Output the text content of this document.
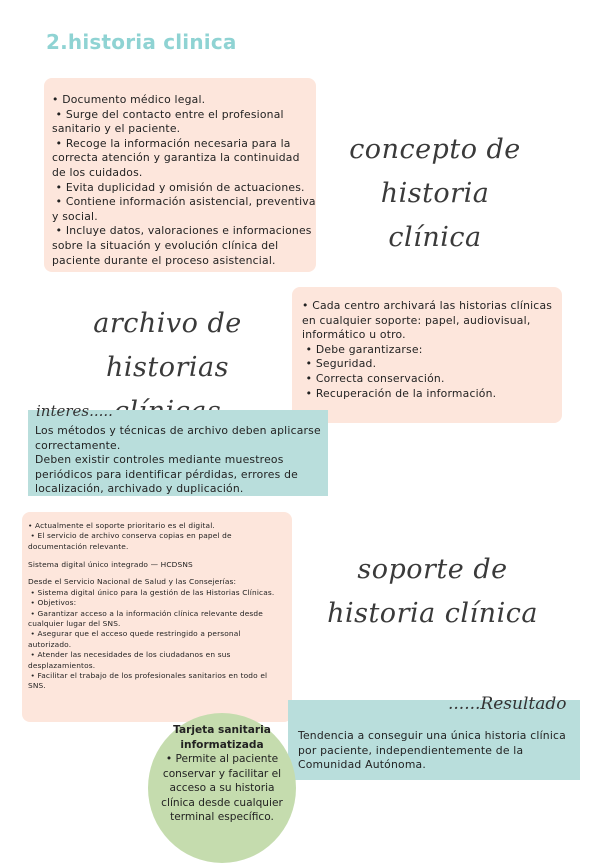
2.historia clinica
• Documento médico legal.
• Surge del contacto entre el profesional
sanitario y el paciente.
• Recoge la información necesaria para la
correcta atención y garantiza la continuidad
de los cuidados.
• Evita duplicidad y omisión de actuaciones.
• Contiene información asistencial, preventiva
y social.
• Incluye datos, valoraciones e informaciones
sobre la situación y evolución clínica del
paciente durante el proceso asistencial.
concepto de
historia clínica
• Cada centro archivará las historias clínicas
en cualquier soporte: papel, audiovisual,
informático u otro.
• Debe garantizarse:
• Seguridad.
• Correcta conservación.
• Recuperación de la información.
archivo de
historias
Los métodos y técnicas de archivo deben aplicarse
correctamente.
Deben existir controles mediante muestreos
periódicos para identificar pérdidas, errores de
localización, archivado y duplicación.
interes.....
• Actualmente el soporte prioritario es el digital.
• El servicio de archivo conserva copias en papel de
documentación relevante.
Sistema digital único integrado — HCDSNS
Desde el Servicio Nacional de Salud y las Consejerías:
• Sistema digital único para la gestión de las Historias Clínicas.
• Objetivos:
• Garantizar acceso a la información clínica relevante desde
cualquier lugar del SNS.
• Asegurar que el acceso quede restringido a personal
autorizado.
• Atender las necesidades de los ciudadanos en sus
desplazamientos.
• Facilitar el trabajo de los profesionales sanitarios en todo el
SNS.
soporte de
historia clínica
Tendencia a conseguir una única historia clínica
por paciente, independientemente de la
Comunidad Autónoma.
......Resultado
Tarjeta sanitaria
informatizada
• Permite al paciente
conservar y facilitar el
acceso a su historia
clínica desde cualquier
terminal específico.
